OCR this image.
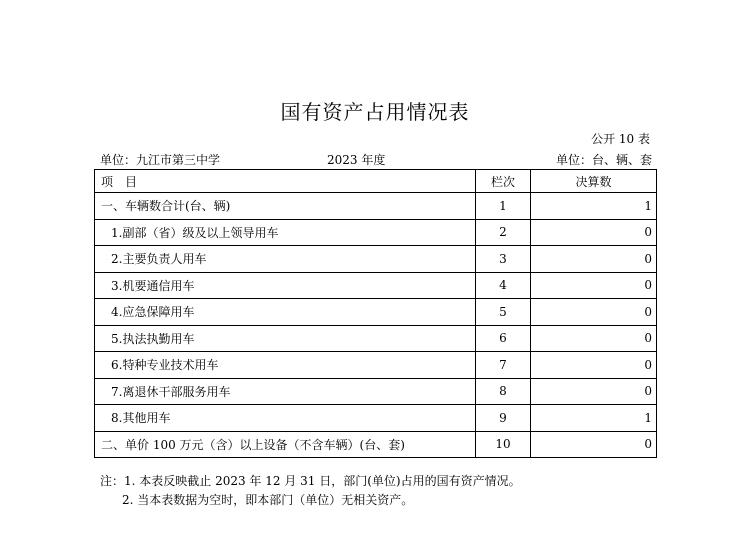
国有资产占用情况表
公开 10 表
单位：九江市第三中学	2023 年度	单位：台、辆、套
项　目	栏次	决算数
一、车辆数合计(台、辆)	1	1
1.副部（省）级及以上领导用车	2	0
2.主要负责人用车	3	0
3.机要通信用车	4	0
4.应急保障用车	5	0
5.执法执勤用车	6	0
6.特种专业技术用车	7	0
7.离退休干部服务用车	8	0
8.其他用车	9	1
二、单价 100 万元（含）以上设备（不含车辆）(台、套)	10	0
注：1. 本表反映截止 2023 年 12 月 31 日，部门(单位)占用的国有资产情况。
2. 当本表数据为空时，即本部门（单位）无相关资产。
